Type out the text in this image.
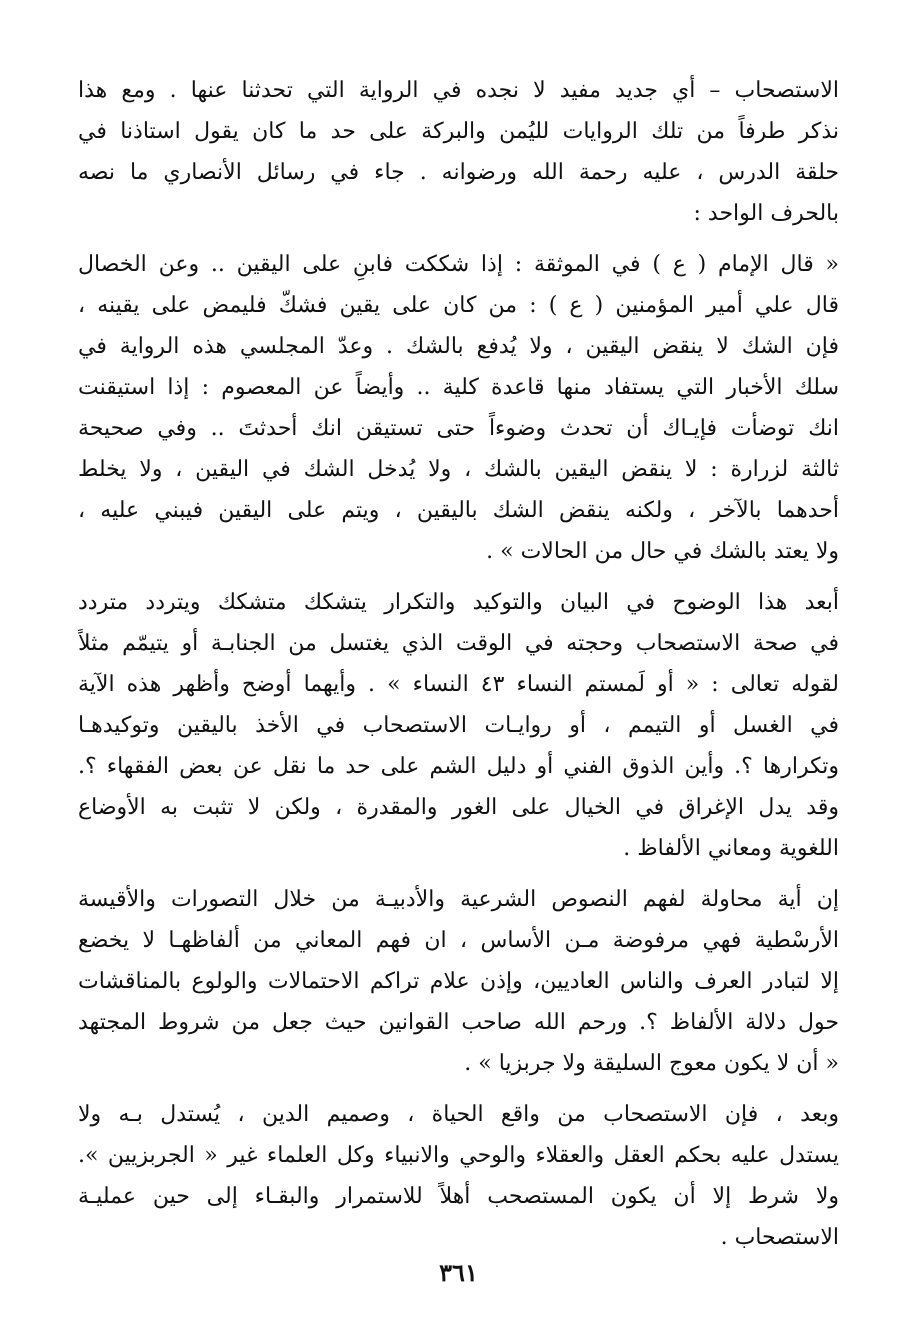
الاستصحاب – أي جديد مفيد لا نجده في الرواية التي تحدثنا عنها . ومع هذا
نذكر طرفاً من تلك الروايات لليُمن والبركة على حد ما كان يقول استاذنا في
حلقة الدرس ، عليه رحمة الله ورضوانه . جاء في رسائل الأنصاري ما نصه
بالحرف الواحد :
« قال الإمام ( ع ) في الموثقة : إذا شككت فابنِ على اليقين .. وعن الخصال
قال علي أمير المؤمنين ( ع ) : من كان على يقين فشكّ فليمض على يقينه ،
فإن الشك لا ينقض اليقين ، ولا يُدفع بالشك . وعدّ المجلسي هذه الرواية في
سلك الأخبار التي يستفاد منها قاعدة كلية .. وأيضاً عن المعصوم : إذا استيقنت
انك توضأت فإيـاك أن تحدث وضوءاً حتى تستيقن انك أحدثتَ .. وفي صحيحة
ثالثة لزرارة : لا ينقض اليقين بالشك ، ولا يُدخل الشك في اليقين ، ولا يخلط
أحدهما بالآخر ، ولكنه ينقض الشك باليقين ، ويتم على اليقين فيبني عليه ،
ولا يعتد بالشك في حال من الحالات » .
أبعد هذا الوضوح في البيان والتوكيد والتكرار يتشكك متشكك ويتردد متردد
في صحة الاستصحاب وحجته في الوقت الذي يغتسل من الجنابـة أو يتيمّم مثلاً
لقوله تعالى : « أو لَمستم النساء ٤٣ النساء » . وأيهما أوضح وأظهر هذه الآية
في الغسل أو التيمم ، أو روايـات الاستصحاب في الأخذ باليقين وتوكيدهـا
وتكرارها ؟. وأين الذوق الفني أو دليل الشم على حد ما نقل عن بعض الفقهاء ؟.
وقد يدل الإغراق في الخيال على الغور والمقدرة ، ولكن لا تثبت به الأوضاع
اللغوية ومعاني الألفاظ .
إن أية محاولة لفهم النصوص الشرعية والأدبيـة من خلال التصورات والأقيسة
الأرسْطية فهي مرفوضة مـن الأساس ، ان فهم المعاني من ألفاظهـا لا يخضع
إلا لتبادر العرف والناس العاديين، وإذن علام تراكم الاحتمالات والولوع بالمناقشات
حول دلالة الألفاظ ؟. ورحم الله صاحب القوانين حيث جعل من شروط المجتهد
« أن لا يكون معوج السليقة ولا جربزيا » .
وبعد ، فإن الاستصحاب من واقع الحياة ، وصميم الدين ، يُستدل بـه ولا
يستدل عليه بحكم العقل والعقلاء والوحي والانبياء وكل العلماء غير « الجربزيين ».
ولا شرط إلا أن يكون المستصحب أهلاً للاستمرار والبقـاء إلى حين عمليـة
الاستصحاب .
٣٦١
